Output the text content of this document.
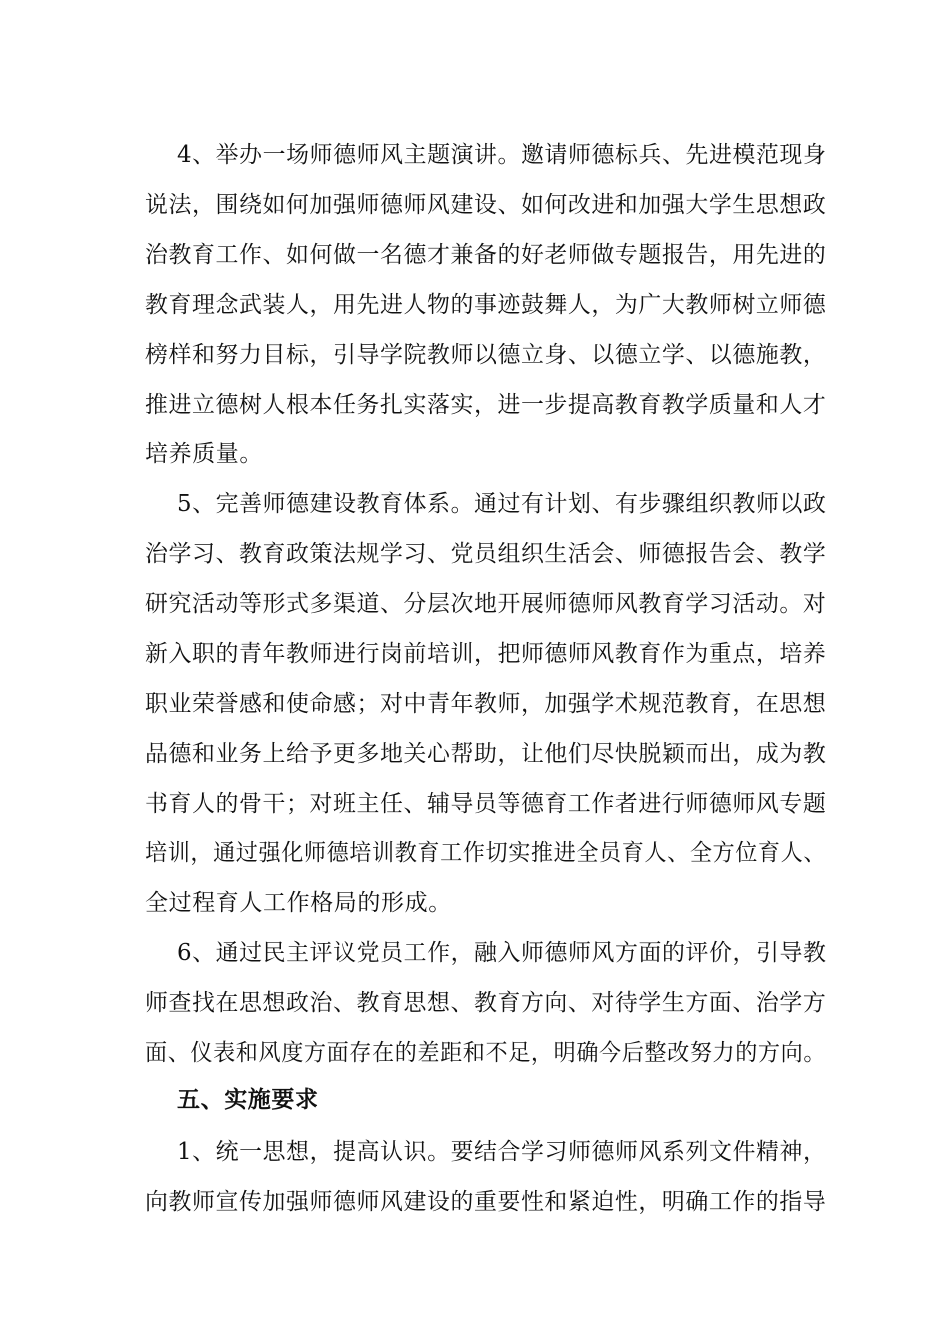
4、举办一场师德师风主题演讲。邀请师德标兵、先进模范现身
说法，围绕如何加强师德师风建设、如何改进和加强大学生思想政
治教育工作、如何做一名德才兼备的好老师做专题报告，用先进的
教育理念武装人，用先进人物的事迹鼓舞人，为广大教师树立师德
榜样和努力目标，引导学院教师以德立身、以德立学、以德施教，
推进立德树人根本任务扎实落实，进一步提高教育教学质量和人才
培养质量。
5、完善师德建设教育体系。通过有计划、有步骤组织教师以政
治学习、教育政策法规学习、党员组织生活会、师德报告会、教学
研究活动等形式多渠道、分层次地开展师德师风教育学习活动。对
新入职的青年教师进行岗前培训，把师德师风教育作为重点，培养
职业荣誉感和使命感；对中青年教师，加强学术规范教育，在思想
品德和业务上给予更多地关心帮助，让他们尽快脱颖而出，成为教
书育人的骨干；对班主任、辅导员等德育工作者进行师德师风专题
培训，通过强化师德培训教育工作切实推进全员育人、全方位育人、
全过程育人工作格局的形成。
6、通过民主评议党员工作，融入师德师风方面的评价，引导教
师查找在思想政治、教育思想、教育方向、对待学生方面、治学方
面、仪表和风度方面存在的差距和不足，明确今后整改努力的方向。
五、实施要求
1、统一思想，提高认识。要结合学习师德师风系列文件精神，
向教师宣传加强师德师风建设的重要性和紧迫性，明确工作的指导
